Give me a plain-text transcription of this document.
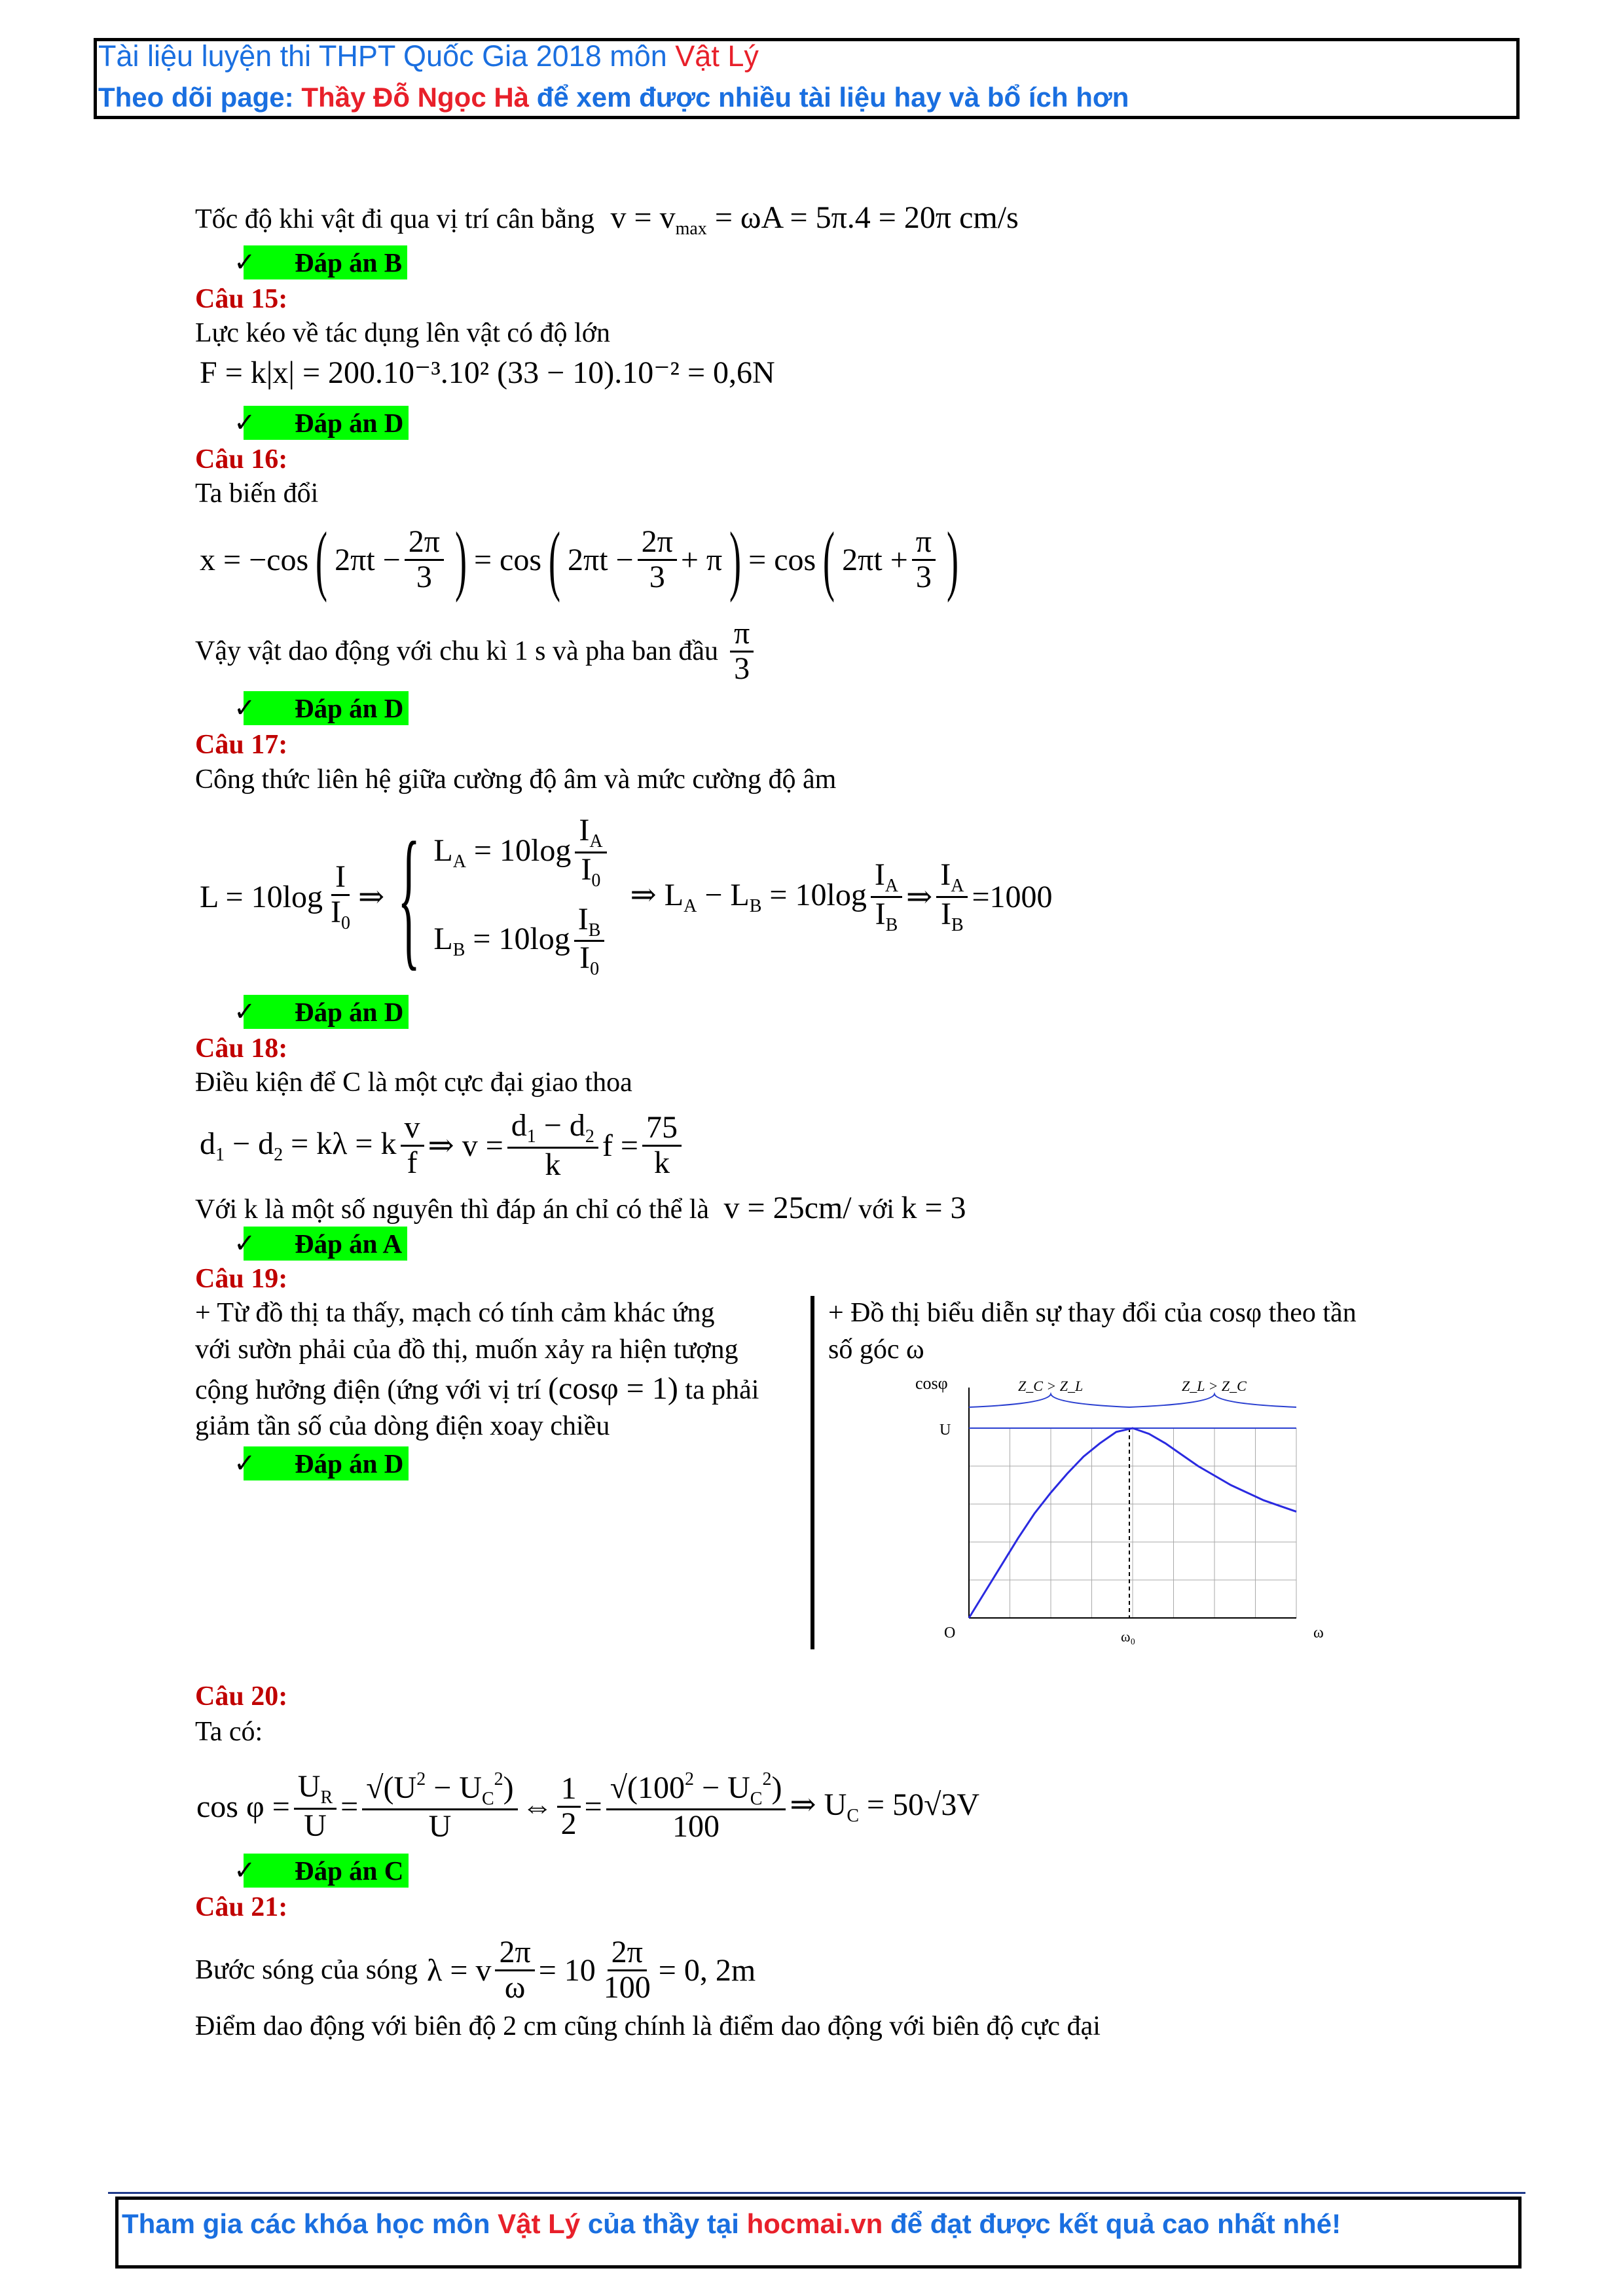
Tài liệu luyện thi THPT Quốc Gia 2018 môn Vật Lý
Theo dõi page: Thầy Đỗ Ngọc Hà để xem được nhiều tài liệu hay và bổ ích hơn
Tốc độ khi vật đi qua vị trí cân bằng $v = v_{max} = \omega A = 5\pi.4 = 20\pi$ cm/s
✓ Đáp án B
Câu 15:
Lực kéo về tác dụng lên vật có độ lớn
F = k|x| = 200.10⁻³.10² (33 − 10).10⁻² = 0,6N
✓ Đáp án D
Câu 16:
Ta biến đổi
x = −cos ( $2\pi t - \frac{2\pi}{3}$ ) = cos ( $2\pi t - \frac{2\pi}{3} + \pi$ ) = cos ( $2\pi t + \frac{\pi}{3}$ )
Vậy vật dao động với chu kì 1 s và pha ban đầu
π
3
✓ Đáp án D
Câu 17:
Công thức liên hệ giữa cường độ âm và mức cường độ âm
L = 10log
I
$I_0$
⇒ { $L_A = 10\log$
$I_A$
$I_0$
$L_B = 10\log$
$I_B$
$I_0$
⇒ $L_A - L_B = 10\log$
$I_A$
$I_B$
⇒ $\frac{I_A}{I_B} = 1000$
✓ Đáp án D
Câu 18:
Điều kiện để C là một cực đại giao thoa
$d_1 - d_2 = k\lambda = k$ v
f ⇒ $v = \frac{d_1 - d_2}{k}$ $f = \frac{75}{k}$
Với k là một số nguyên thì đáp án chỉ có thể là v = 25cm/ với k = 3
✓ Đáp án A
Câu 19:
+ Từ đồ thị ta thấy, mạch có tính cảm khác ứng
với sườn phải của đồ thị, muốn xảy ra hiện tượng
cộng hưởng điện (ứng với vị trí (cosφ = 1) ta phải
giảm tần số của dòng điện xoay chiều
✓ Đáp án D
+ Đồ thị biểu diễn sự thay đổi của cosφ theo tần
số góc ω
cosφ
U
O	ω₀	ω
Z_C > Z_L	Z_L > Z_C
Câu 20:
Ta có:
$\cos \varphi = \frac{U_R}{U} = \frac{√(U^2 - U_C^2)}{U}$ ⇔ $\frac{1}{2} = \frac{√(100^2 - U_C^2)}{100}$ ⇒ $U_C = 50√3V$
✓ Đáp án C
Câu 21:
Bước sóng của sóng λ = v $\frac{2\pi}{\omega} = 10 \frac{2\pi}{100} = 0$, 2m
Điểm dao động với biên độ 2 cm cũng chính là điểm dao động với biên độ cực đại
Tham gia các khóa học môn Vật Lý của thầy tại hocmai.vn để đạt được kết quả cao nhất nhé!
